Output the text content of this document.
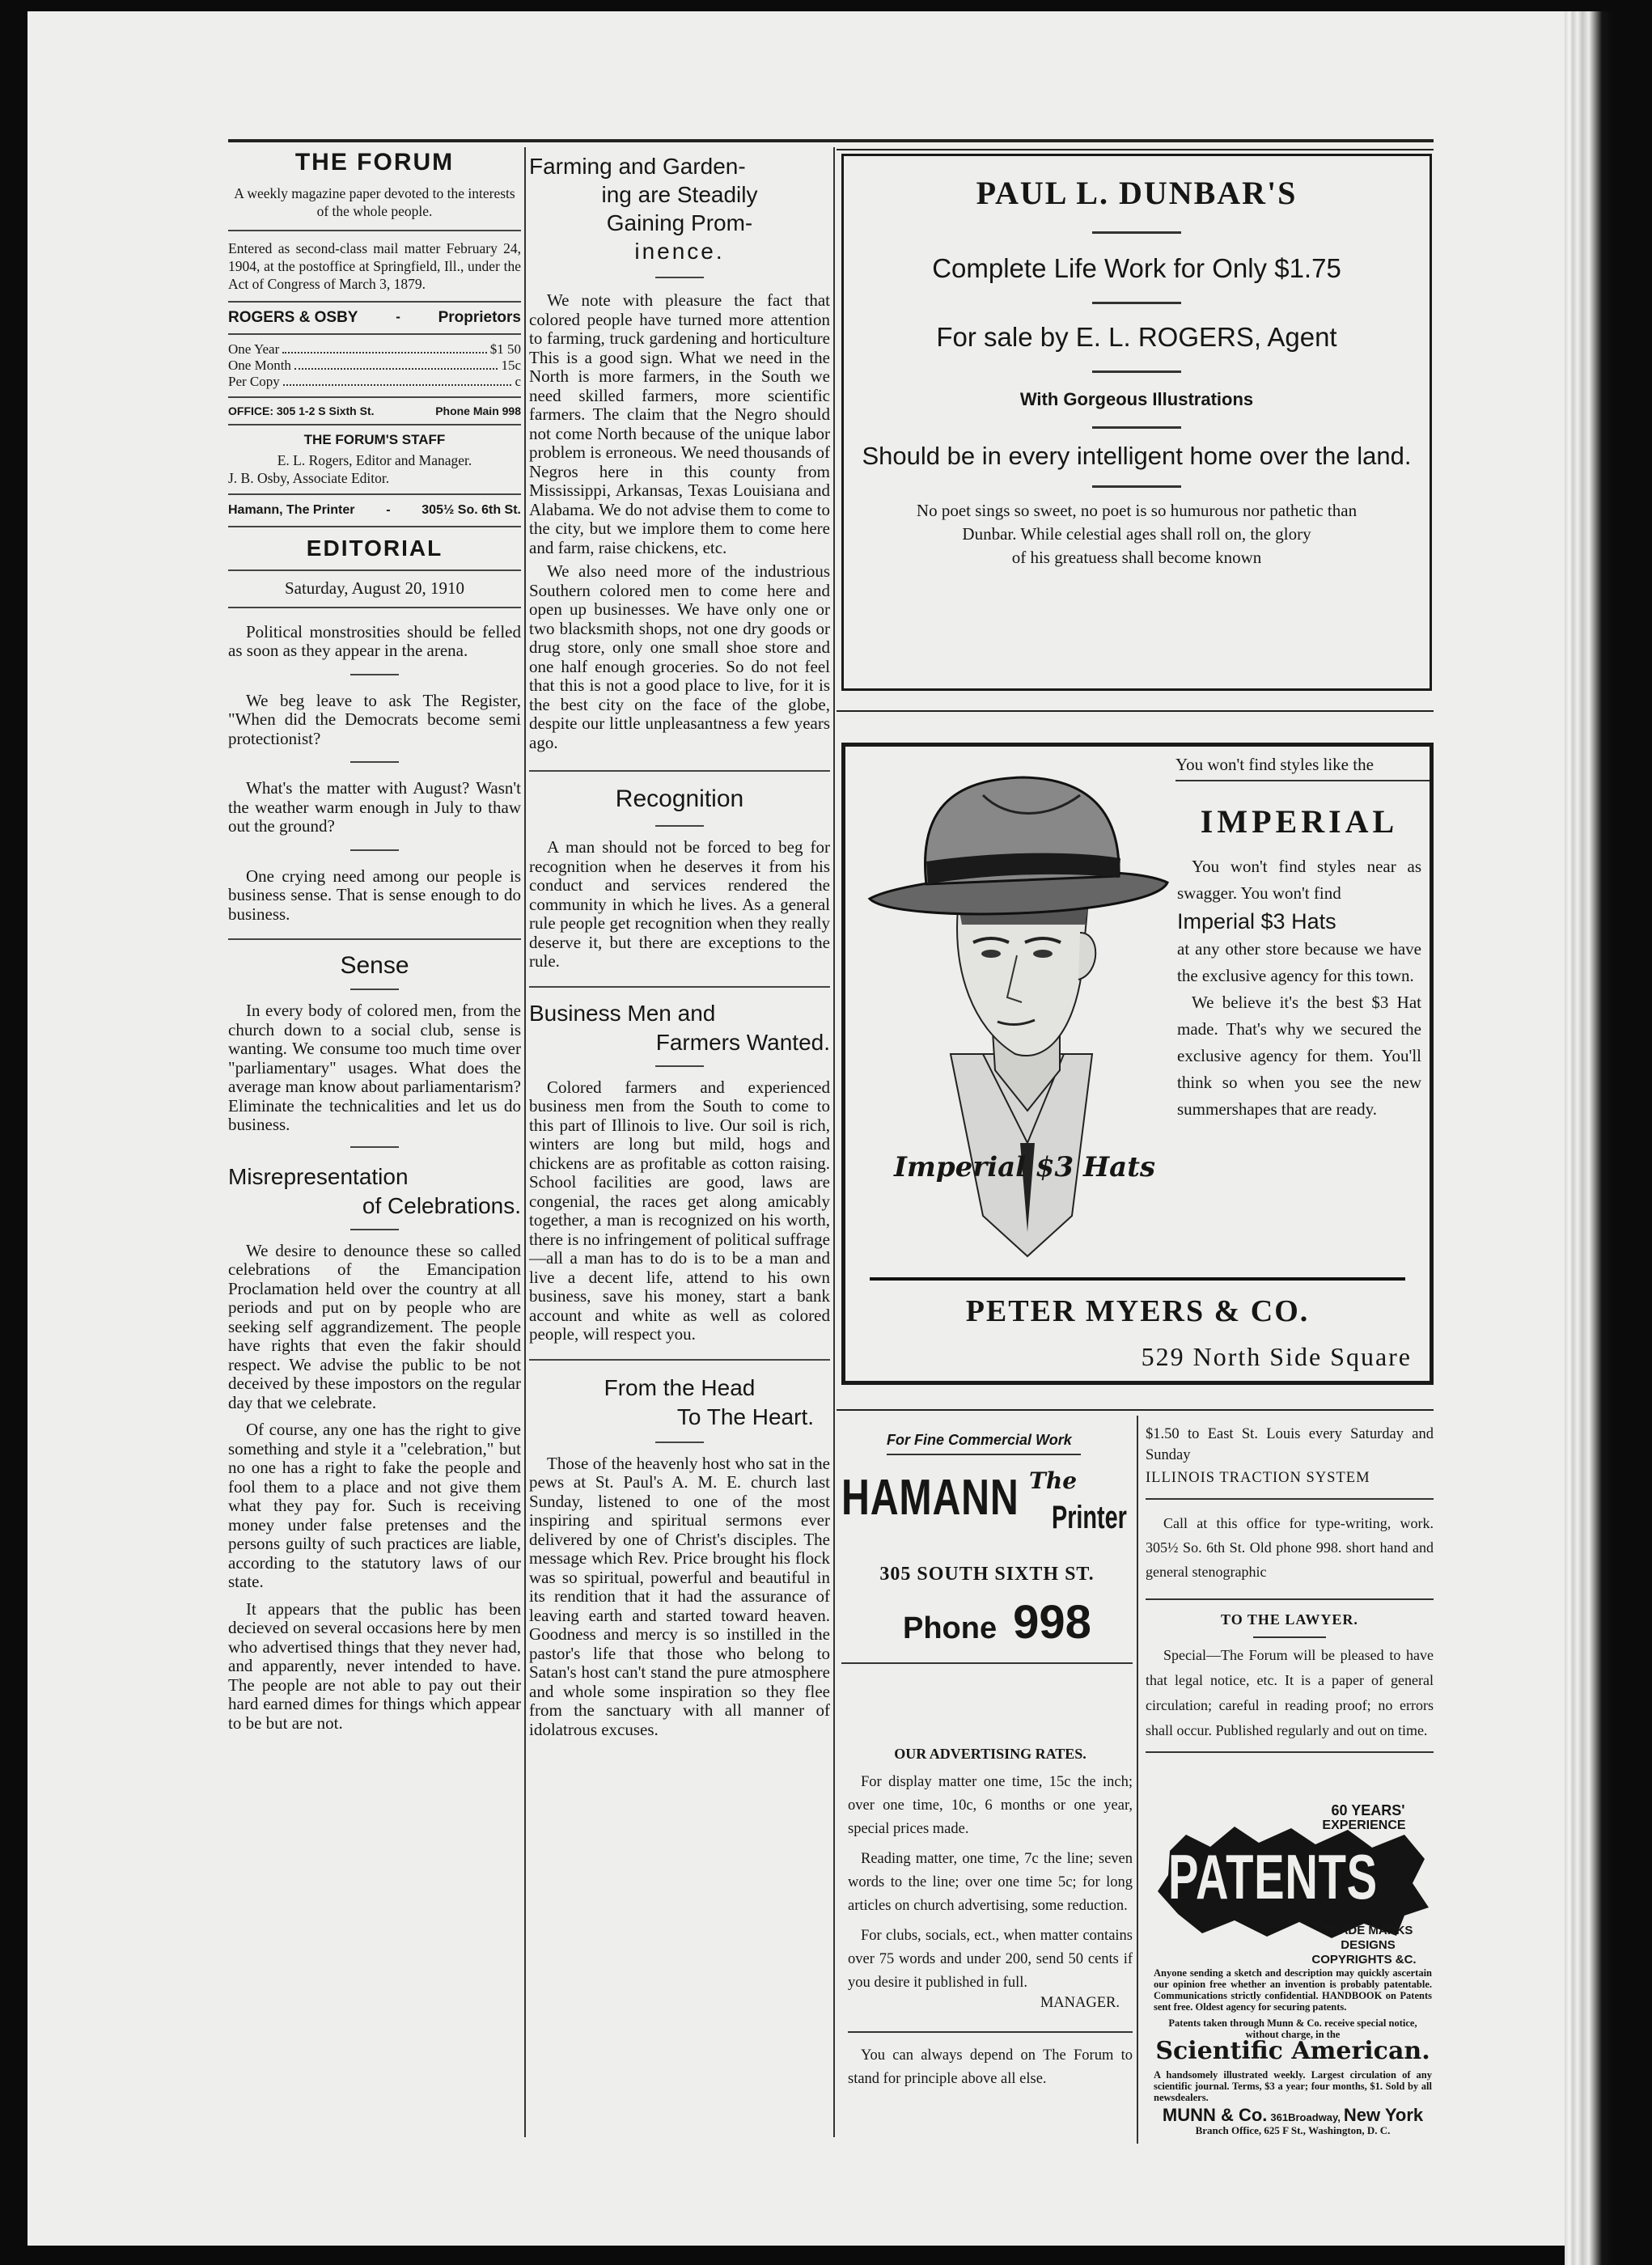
THE FORUM
A weekly magazine paper devoted to the interests of the whole people.
Entered as second-class mail matter February 24, 1904, at the postoffice at Springfield, Ill., under the Act of Congress of March 3, 1879.
ROGERS & OSBY	- Proprietors
One Year	$1 50
One Month	15c
Per Copy	c
OFFICE: 305 1-2 S Sixth St.	Phone Main 998
THE FORUM'S STAFF
E. L. Rogers, Editor and Manager.
J. B. Osby, Associate Editor.
Hamann, The Printer - 305½ So. 6th St.
EDITORIAL
Saturday, August 20, 1910
Political monstrosities should be felled as soon as they appear in the arena.
We beg leave to ask The Register, "When did the Democrats become semi protectionist?
What's the matter with August? Wasn't the weather warm enough in July to thaw out the ground?
One crying need among our people is business sense. That is sense enough to do business.
Sense
In every body of colored men, from the church down to a social club, sense is wanting. We consume too much time over "parliamentary" usages. What does the average man know about parliamentarism? Eliminate the technicalities and let us do business.
Misrepresentation
of Celebrations.
We desire to denounce these so called celebrations of the Emancipation Proclamation held over the country at all periods and put on by people who are seeking self aggrandizement. The people have rights that even the fakir should respect. We advise the public to be not deceived by these impostors on the regular day that we celebrate.
Of course, any one has the right to give something and style it a "celebration," but no one has a right to fake the people and fool them to a place and not give them what they pay for. Such is receiving money under false pretenses and the persons guilty of such practices are liable, according to the statutory laws of our state.
It appears that the public has been decieved on several occasions here by men who advertised things that they never had, and apparently, never intended to have. The people are not able to pay out their hard earned dimes for things which appear to be but are not.
Farming and Garden-
ing are Steadily
Gaining Prom-
inence.
We note with pleasure the fact that colored people have turned more attention to farming, truck gardening and horticulture This is a good sign. What we need in the North is more farmers, in the South we need skilled farmers, more scientific farmers. The claim that the Negro should not come North because of the unique labor problem is erroneous. We need thousands of Negros here in this county from Mississippi, Arkansas, Texas Louisiana and Alabama. We do not advise them to come to the city, but we implore them to come here and farm, raise chickens, etc.
We also need more of the industrious Southern colored men to come here and open up businesses. We have only one or two blacksmith shops, not one dry goods or drug store, only one small shoe store and one half enough groceries. So do not feel that this is not a good place to live, for it is the best city on the face of the globe, despite our little unpleasantness a few years ago.
Recognition
A man should not be forced to beg for recognition when he deserves it from his conduct and services rendered the community in which he lives. As a general rule people get recognition when they really deserve it, but there are exceptions to the rule.
Business Men and
Farmers Wanted.
Colored farmers and experienced business men from the South to come to this part of Illinois to live. Our soil is rich, winters are long but mild, hogs and chickens are as profitable as cotton raising. School facilities are good, laws are congenial, the races get along amicably together, a man is recognized on his worth, there is no infringement of political suffrage—all a man has to do is to be a man and live a decent life, attend to his own business, save his money, start a bank account and white as well as colored people, will respect you.
From the Head
To The Heart.
Those of the heavenly host who sat in the pews at St. Paul's A. M. E. church last Sunday, listened to one of the most inspiring and spiritual sermons ever delivered by one of Christ's disciples. The message which Rev. Price brought his flock was so spiritual, powerful and beautiful in its rendition that it had the assurance of leaving earth and started toward heaven. Goodness and mercy is so instilled in the pastor's life that those who belong to Satan's host can't stand the pure atmosphere and whole some inspiration so they flee from the sanctuary with all manner of idolatrous excuses.
PAUL L. DUNBAR'S
Complete Life Work for Only $1.75
For sale by E. L. ROGERS, Agent
With Gorgeous Illustrations
Should be in every intelligent home over the land.
No poet sings so sweet, no poet is so humurous nor pathetic than
Dunbar. While celestial ages shall roll on, the glory
of his greatuess shall become known
Imperial $3 Hats
You won't find styles like the
IMPERIAL
You won't find styles near as swagger. You won't find
Imperial $3 Hats
at any other store because we have the exclusive agency for this town.
We believe it's the best $3 Hat made. That's why we secured the exclusive agency for them. You'll think so when you see the new summershapes that are ready.
PETER MYERS & CO.
529 North Side Square
For Fine Commercial Work
HAMANN The
Printer
305 SOUTH SIXTH ST.
Phone 998
OUR ADVERTISING RATES.
For display matter one time, 15c the inch; over one time, 10c, 6 months or one year, special prices made.
Reading matter, one time, 7c the line; seven words to the line; over one time 5c; for long articles on church advertising, some reduction.
For clubs, socials, ect., when matter contains over 75 words and under 200, send 50 cents if you desire it published in full.
MANAGER.
You can always depend on The Forum to stand for principle above all else.
$1.50 to East St. Louis every Saturday and Sunday
ILLINOIS TRACTION SYSTEM
Call at this office for type-writing, work. 305½ So. 6th St. Old phone 998. short hand and general stenographic
TO THE LAWYER.
Special—The Forum will be pleased to have that legal notice, etc. It is a paper of general circulation; careful in reading proof; no errors shall occur. Published regularly and out on time.
60 YEARS'
EXPERIENCE
PATENTS
TRADE MARKS
DESIGNS
COPYRIGHTS &C.
Anyone sending a sketch and description may quickly ascertain our opinion free whether an invention is probably patentable. Communications strictly confidential. HANDBOOK on Patents sent free. Oldest agency for securing patents.
Patents taken through Munn & Co. receive special notice, without charge, in the
Scientific American.
A handsomely illustrated weekly. Largest circulation of any scientific journal. Terms, $3 a year; four months, $1. Sold by all newsdealers.
MUNN & Co. 361Broadway, New York
Branch Office, 625 F St., Washington, D. C.
